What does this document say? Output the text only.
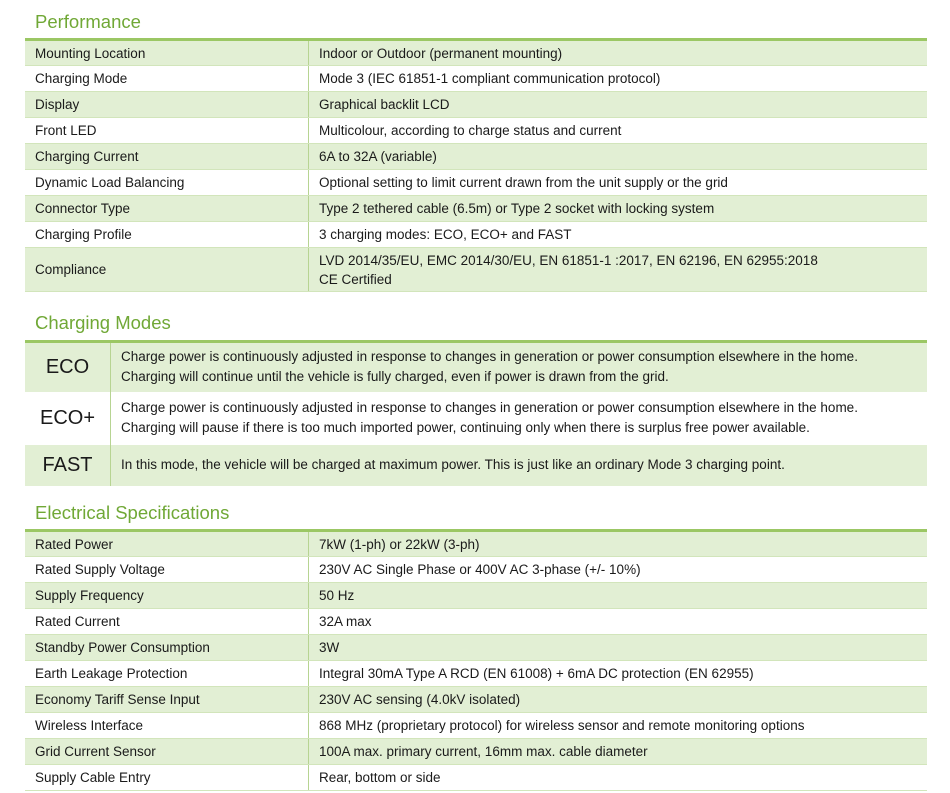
Performance
Mounting Location	Indoor or Outdoor (permanent mounting)
Charging Mode	Mode 3 (IEC 61851-1 compliant communication protocol)
Display	Graphical backlit LCD
Front LED	Multicolour, according to charge status and current
Charging Current	6A to 32A (variable)
Dynamic Load Balancing	Optional setting to limit current drawn from the unit supply or the grid
Connector Type	Type 2 tethered cable (6.5m) or Type 2 socket with locking system
Charging Profile	3 charging modes: ECO, ECO+ and FAST
Compliance	LVD 2014/35/EU, EMC 2014/30/EU, EN 61851-1 :2017, EN 62196, EN 62955:2018
CE Certified
Charging Modes
ECO	Charge power is continuously adjusted in response to changes in generation or power consumption elsewhere in the home.
Charging will continue until the vehicle is fully charged, even if power is drawn from the grid.

ECO+	Charge power is continuously adjusted in response to changes in generation or power consumption elsewhere in the home.
Charging will pause if there is too much imported power, continuing only when there is surplus free power available.

FAST	In this mode, the vehicle will be charged at maximum power. This is just like an ordinary Mode 3 charging point.
Electrical Specifications
Rated Power	7kW (1-ph) or 22kW (3-ph)
Rated Supply Voltage	230V AC Single Phase or 400V AC 3-phase (+/- 10%)
Supply Frequency	50 Hz
Rated Current	32A max
Standby Power Consumption	3W
Earth Leakage Protection	Integral 30mA Type A RCD (EN 61008) + 6mA DC protection (EN 62955)
Economy Tariff Sense Input	230V AC sensing (4.0kV isolated)
Wireless Interface	868 MHz (proprietary protocol) for wireless sensor and remote monitoring options
Grid Current Sensor	100A max. primary current, 16mm max. cable diameter
Supply Cable Entry	Rear, bottom or side
